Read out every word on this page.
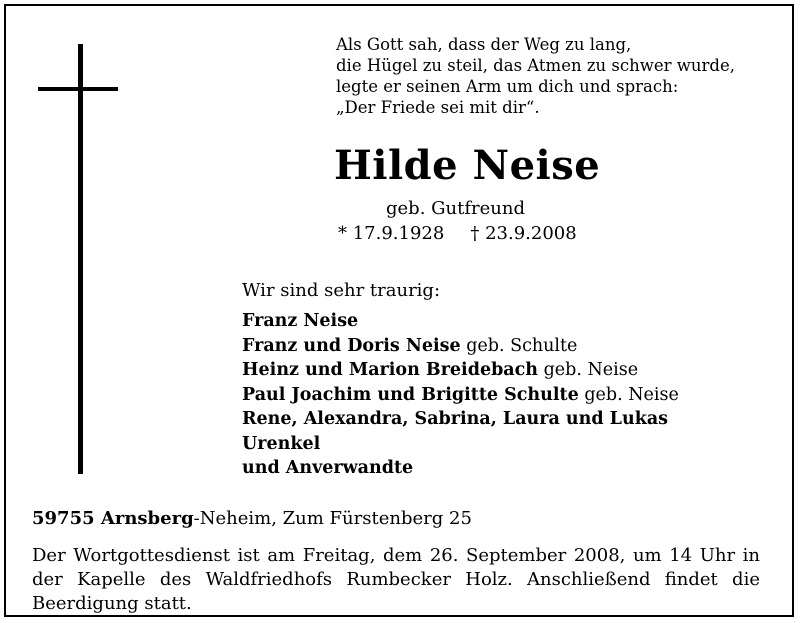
Als Gott sah, dass der Weg zu lang,
die Hügel zu steil, das Atmen zu schwer wurde,
legte er seinen Arm um dich und sprach:
„Der Friede sei mit dir“.
Hilde Neise
geb. Gutfreund
* 17.9.1928 † 23.9.2008
Wir sind sehr traurig:
Franz Neise
Franz und Doris Neise geb. Schulte
Heinz und Marion Breidebach geb. Neise
Paul Joachim und Brigitte Schulte geb. Neise
Rene, Alexandra, Sabrina, Laura und Lukas
Urenkel
und Anverwandte
59755 Arnsberg-Neheim, Zum Fürstenberg 25
Der Wortgottesdienst ist am Freitag, dem 26. September 2008, um 14 Uhr in der Kapelle des Waldfriedhofs Rumbecker Holz. Anschließend findet die Beerdigung statt.
